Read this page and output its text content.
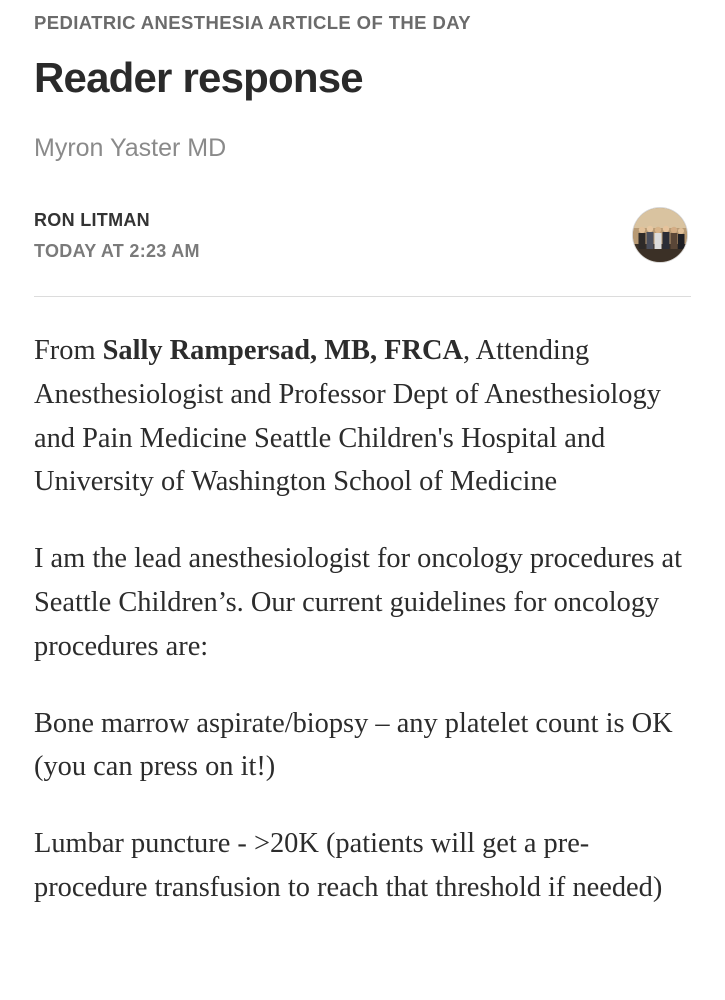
PEDIATRIC ANESTHESIA ARTICLE OF THE DAY
Reader response
Myron Yaster MD
RON LITMAN
TODAY AT 2:23 AM

From Sally Rampersad, MB, FRCA, Attending Anesthesiologist and Professor Dept of Anesthesiology and Pain Medicine Seattle Children's Hospital and University of Washington School of Medicine

I am the lead anesthesiologist for oncology procedures at Seattle Children’s. Our current guidelines for oncology procedures are:

Bone marrow aspirate/biopsy – any platelet count is OK (you can press on it!)

Lumbar puncture - >20K (patients will get a pre-procedure transfusion to reach that threshold if needed)
